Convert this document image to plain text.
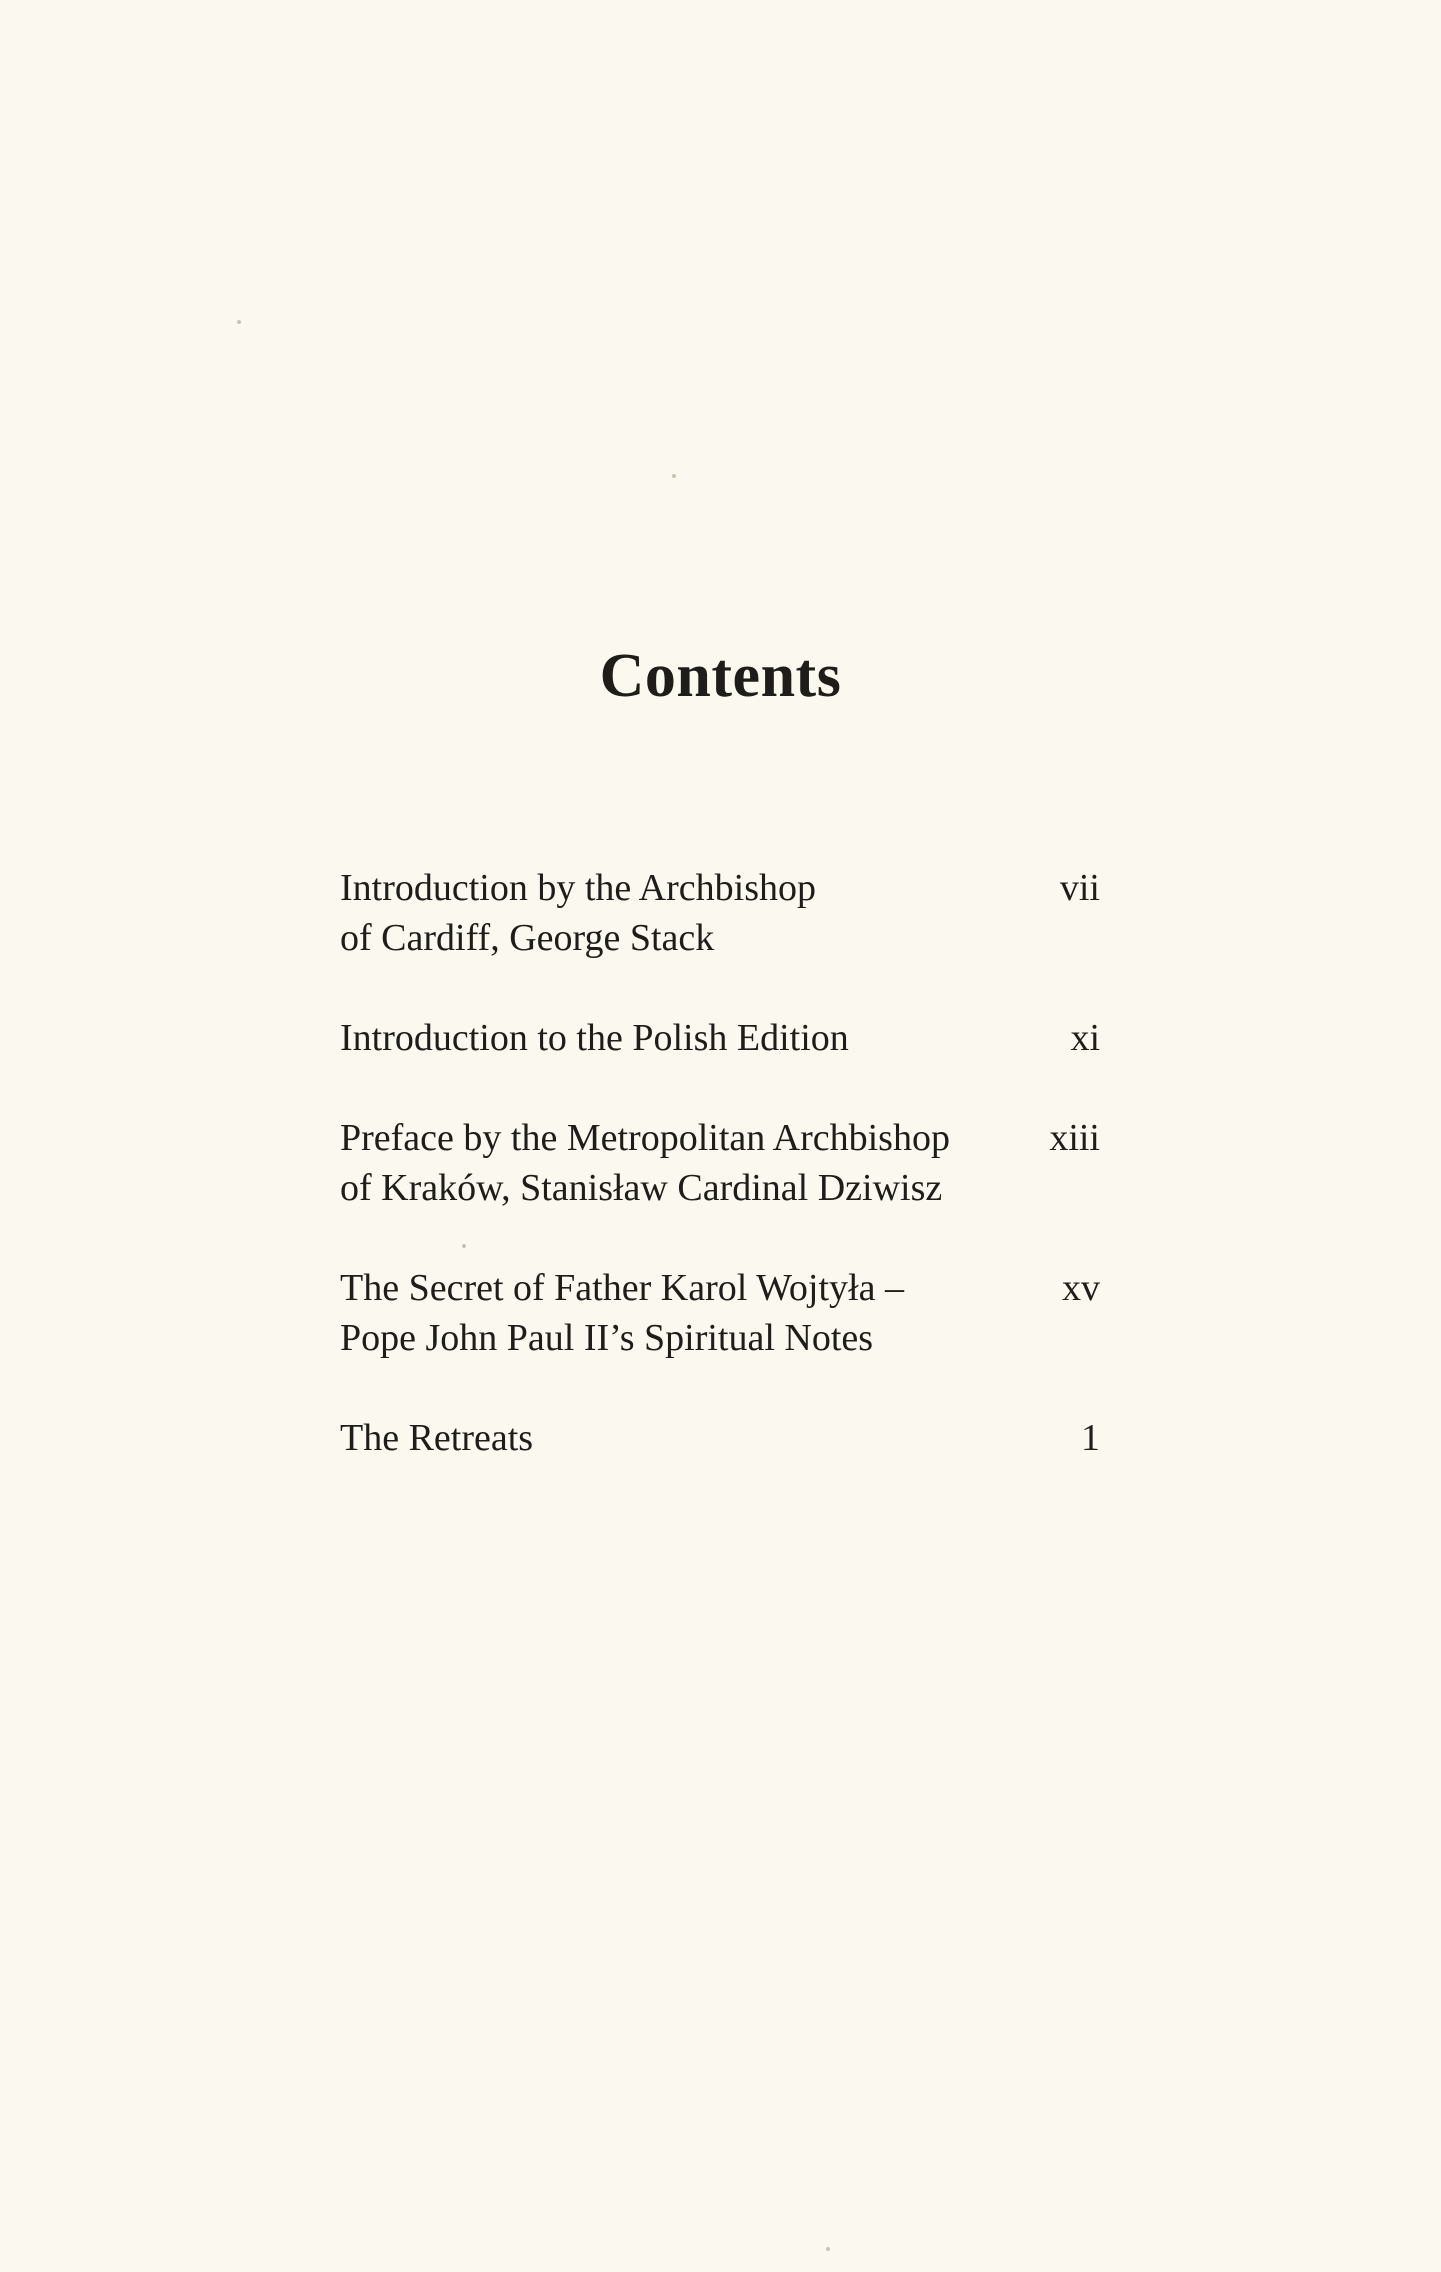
Contents
Introduction by the Archbishop
of Cardiff, George Stack
vii
Introduction to the Polish Edition	xi
Preface by the Metropolitan Archbishop
of Kraków, Stanisław Cardinal Dziwisz
xiii
The Secret of Father Karol Wojtyła –
Pope John Paul II’s Spiritual Notes
xv
The Retreats	1
